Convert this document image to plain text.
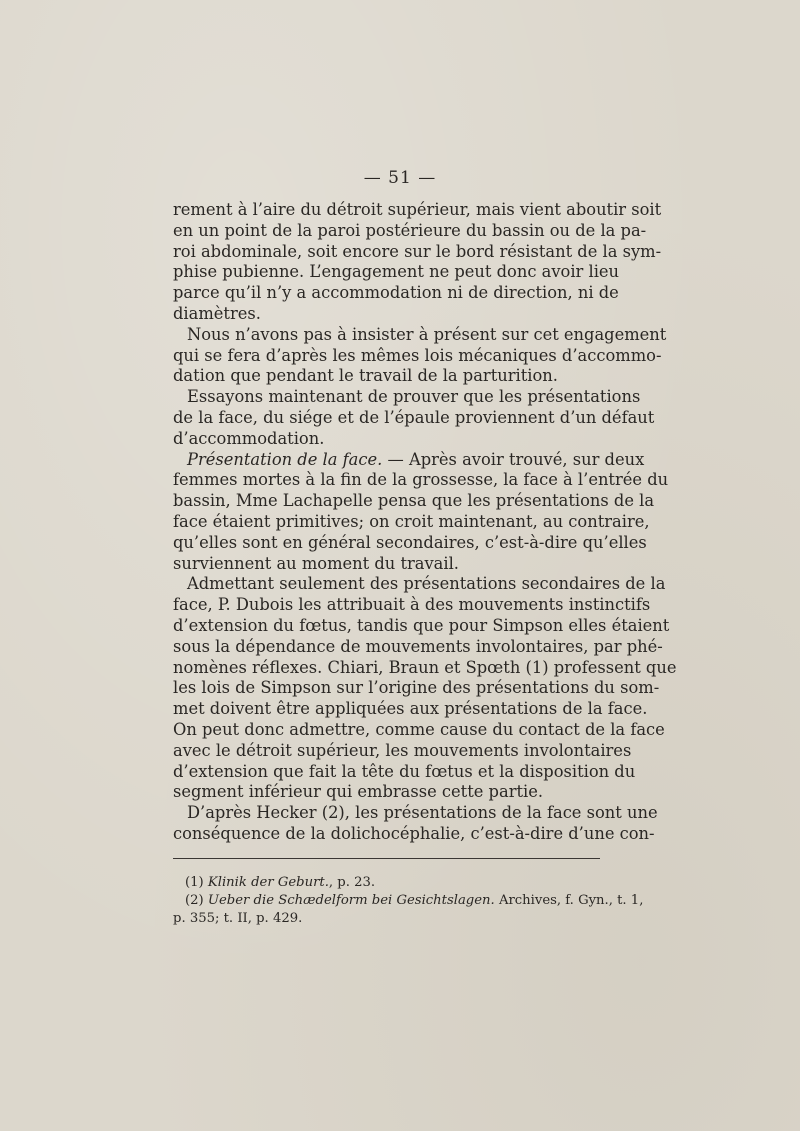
— 51 —
rement à l’aire du détroit supérieur, mais vient aboutir soit
en un point de la paroi postérieure du bassin ou de la pa-
roi abdominale, soit encore sur le bord résistant de la sym-
phise pubienne. L’engagement ne peut donc avoir lieu
parce qu’il n’y a accommodation ni de direction, ni de
diamètres.
Nous n’avons pas à insister à présent sur cet engagement
qui se fera d’après les mêmes lois mécaniques d’accommo-
dation que pendant le travail de la parturition.
Essayons maintenant de prouver que les présentations
de la face, du siége et de l’épaule proviennent d’un défaut
d’accommodation.
Présentation de la face. — Après avoir trouvé, sur deux
femmes mortes à la fin de la grossesse, la face à l’entrée du
bassin, Mme Lachapelle pensa que les présentations de la
face étaient primitives; on croit maintenant, au contraire,
qu’elles sont en général secondaires, c’est-à-dire qu’elles
surviennent au moment du travail.
Admettant seulement des présentations secondaires de la
face, P. Dubois les attribuait à des mouvements instinctifs
d’extension du fœtus, tandis que pour Simpson elles étaient
sous la dépendance de mouvements involontaires, par phé-
nomènes réflexes. Chiari, Braun et Spœth (1) professent que
les lois de Simpson sur l’origine des présentations du som-
met doivent être appliquées aux présentations de la face.
On peut donc admettre, comme cause du contact de la face
avec le détroit supérieur, les mouvements involontaires
d’extension que fait la tête du fœtus et la disposition du
segment inférieur qui embrasse cette partie.
D’après Hecker (2), les présentations de la face sont une
conséquence de la dolichocéphalie, c’est-à-dire d’une con-
(1) Klinik der Geburt., p. 23.
(2) Ueber die Schædelform bei Gesichtslagen. Archives, f. Gyn., t. 1,
p. 355; t. II, p. 429.
